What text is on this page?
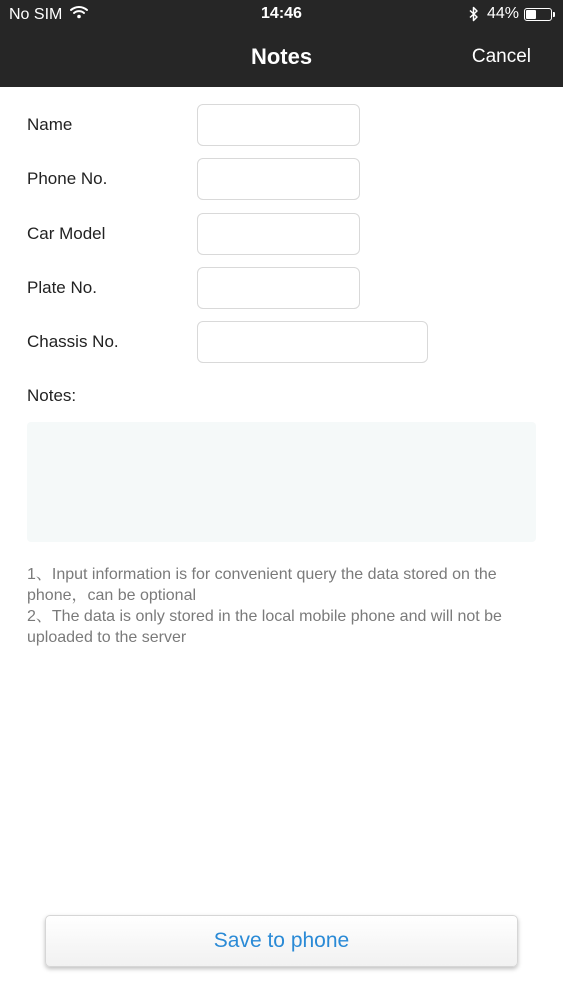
No SIM	14:46	44%
Notes	Cancel
Name
Phone No.
Car Model
Plate No.
Chassis No.
Notes:

1、Input information is for convenient query the data stored on the phone，can be optional

2、The data is only stored in the local mobile phone and will not be uploaded to the server

Save to phone
